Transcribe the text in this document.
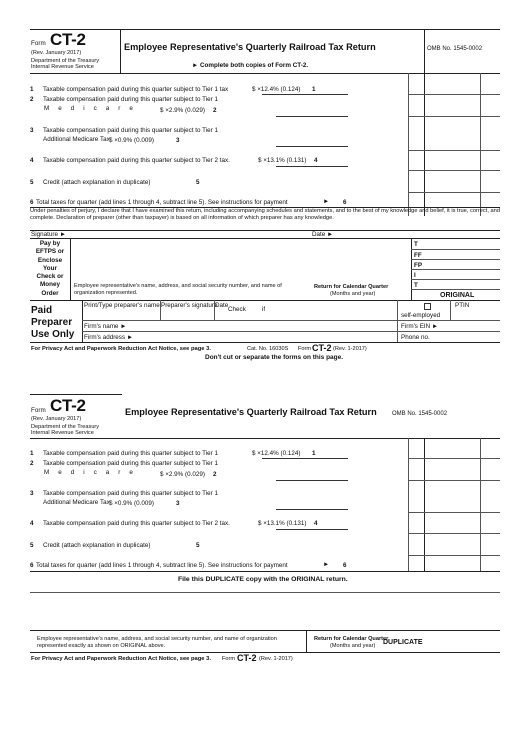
Form CT-2
(Rev. January 2017)
Department of the Treasury
Internal Revenue Service
Employee Representative's Quarterly Railroad Tax Return	OMB No. 1545-0002
► Complete both copies of Form CT-2.
1 Taxable compensation paid during this quarter subject to Tier 1 tax	$ ×12.4% (0.124) 1
2 Taxable compensation paid during this quarter subject to Tier 1
Medicare	$ ×2.9% (0.029) 2
3 Taxable compensation paid during this quarter subject to Tier 1
Additional Medicare Tax $ ×0.9% (0.009)	3
4 Taxable compensation paid during this quarter subject to Tier 2 tax.	$ ×13.1% (0.131) 4
5 Credit (attach explanation in duplicate)	5
6 Total taxes for quarter (add lines 1 through 4, subtract line 5). See instructions for payment	► 6
Under penalties of perjury, I declare that I have examined this return, including accompanying schedules and statements, and to the best of my knowledge and belief, it is true, correct, and complete. Declaration of preparer (other than taxpayer) is based on all information of which preparer has any knowledge.
Signature ►	Date ►
Pay by
EFTPS or
Enclose
Your
Check or
Money
Order
T
FF
FP
I
T
ORIGINAL
Employee representative's name, address, and social security number, and name of organization represented.
Return for Calendar Quarter
(Months and year)
Paid
Preparer
Use Only
Print/Type preparer's name Preparer's signature
Date
Check	if
self-employed
PTIN
Firm's name ►	Firm's EIN ►
Firm's address ►	Phone no.
For Privacy Act and Paperwork Reduction Act Notice, see page 3.	Cat. No. 16030S Form CT-2 (Rev. 1-2017)
Don't cut or separate the forms on this page.
Form CT-2
(Rev. January 2017)
Department of the Treasury
Internal Revenue Service
Employee Representative's Quarterly Railroad Tax Return	OMB No. 1545-0002
1 Taxable compensation paid during this quarter subject to Tier 1	$ ×12.4% (0.124) 1
2 Taxable compensation paid during this quarter subject to Tier 1
Medicare	$ ×2.9% (0.029) 2
3 Taxable compensation paid during this quarter subject to Tier 1
Additional Medicare Tax $ ×0.9% (0.009)	3
4 Taxable compensation paid during this quarter subject to Tier 2 tax.	$ ×13.1% (0.131) 4
5 Credit (attach explanation in duplicate)	5
6 Total taxes for quarter (add lines 1 through 4, subtract line 5). See instructions for payment	► 6
File this DUPLICATE copy with the ORIGINAL return.
Employee representative's name, address, and social security number, and name of organization represented exactly as shown on ORIGINAL above.
Return for Calendar Quarter
(Months and year) DUPLICATE
For Privacy Act and Paperwork Reduction Act Notice, see page 3. Form CT-2 (Rev. 1-2017)
